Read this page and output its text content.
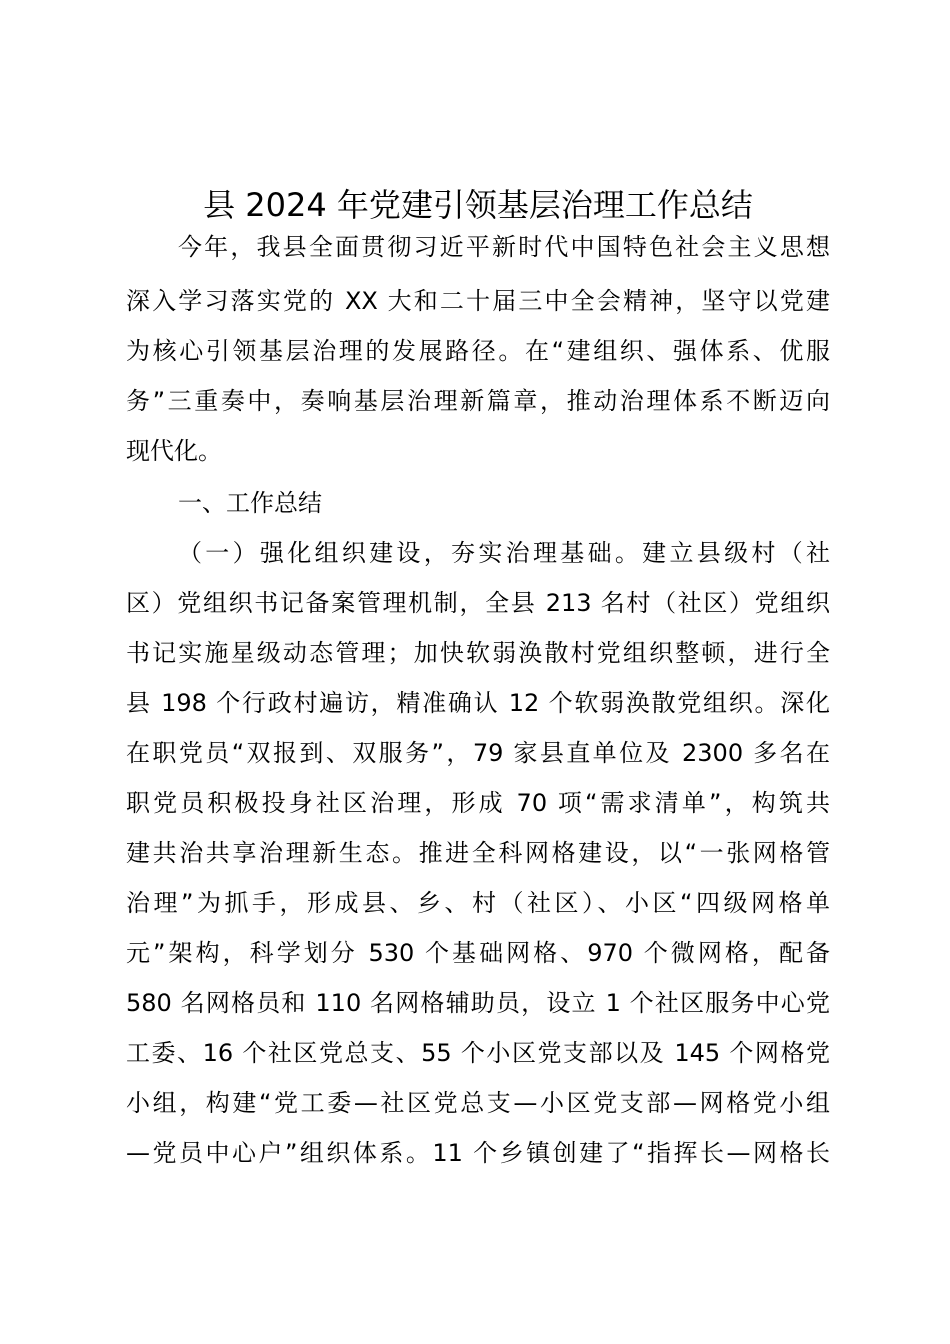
县 2024 年党建引领基层治理工作总结

今年，我县全面贯彻习近平新时代中国特色社会主义思想

深入学习落实党的 XX 大和二十届三中全会精神，坚守以党建

为核心引领基层治理的发展路径。在“建组织、强体系、优服

务”三重奏中，奏响基层治理新篇章，推动治理体系不断迈向

现代化。

一、工作总结

（一）强化组织建设，夯实治理基础。建立县级村（社

区）党组织书记备案管理机制，全县 213 名村（社区）党组织

书记实施星级动态管理；加快软弱涣散村党组织整顿，进行全

县 198 个行政村遍访，精准确认 12 个软弱涣散党组织。深化

在职党员“双报到、双服务”，79 家县直单位及 2300 多名在

职党员积极投身社区治理，形成 70 项“需求清单”，构筑共

建共治共享治理新生态。推进全科网格建设，以“一张网格管

治理”为抓手，形成县、乡、村（社区）、小区“四级网格单

元”架构，科学划分 530 个基础网格、970 个微网格，配备

580 名网格员和 110 名网格辅助员，设立 1 个社区服务中心党

工委、16 个社区党总支、55 个小区党支部以及 145 个网格党

小组，构建“党工委—社区党总支—小区党支部—网格党小组

—党员中心户”组织体系。11 个乡镇创建了“指挥长—网格长
